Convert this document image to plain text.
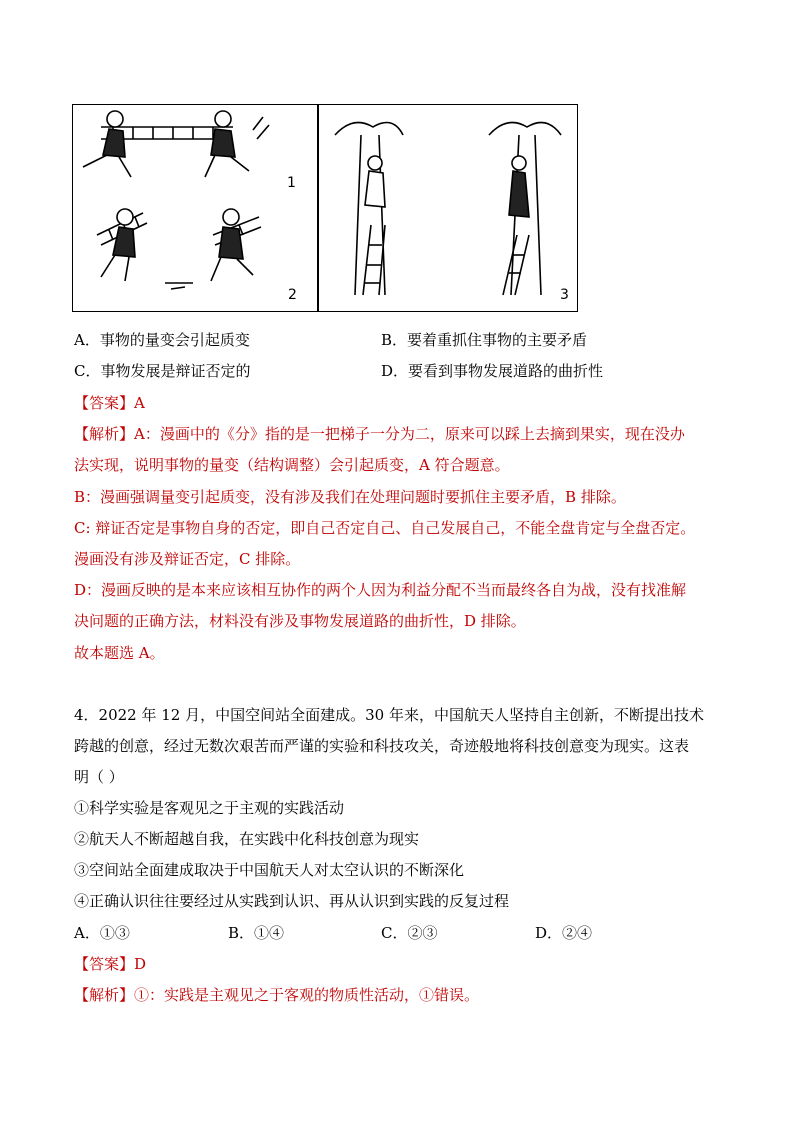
1
2	3
A．事物的量变会引起质变	B．要着重抓住事物的主要矛盾
C．事物发展是辩证否定的	D．要看到事物发展道路的曲折性
【答案】A
【解析】A：漫画中的《分》指的是一把梯子一分为二，原来可以踩上去摘到果实，现在没办
法实现，说明事物的量变（结构调整）会引起质变，A 符合题意。
B：漫画强调量变引起质变，没有涉及我们在处理问题时要抓住主要矛盾，B 排除。
C: 辩证否定是事物自身的否定，即自己否定自己、自己发展自己，不能全盘肯定与全盘否定。
漫画没有涉及辩证否定，C 排除。
D：漫画反映的是本来应该相互协作的两个人因为利益分配不当而最终各自为战，没有找准解
决问题的正确方法，材料没有涉及事物发展道路的曲折性，D 排除。
故本题选 A。
4．2022 年 12 月，中国空间站全面建成。30 年来，中国航天人坚持自主创新，不断提出技术
跨越的创意，经过无数次艰苦而严谨的实验和科技攻关，奇迹般地将科技创意变为现实。这表
明（ ）
①科学实验是客观见之于主观的实践活动
②航天人不断超越自我，在实践中化科技创意为现实
③空间站全面建成取决于中国航天人对太空认识的不断深化
④正确认识往往要经过从实践到认识、再从认识到实践的反复过程
A．①③	B．①④	C．②③	D．②④
【答案】D
【解析】①：实践是主观见之于客观的物质性活动，①错误。
